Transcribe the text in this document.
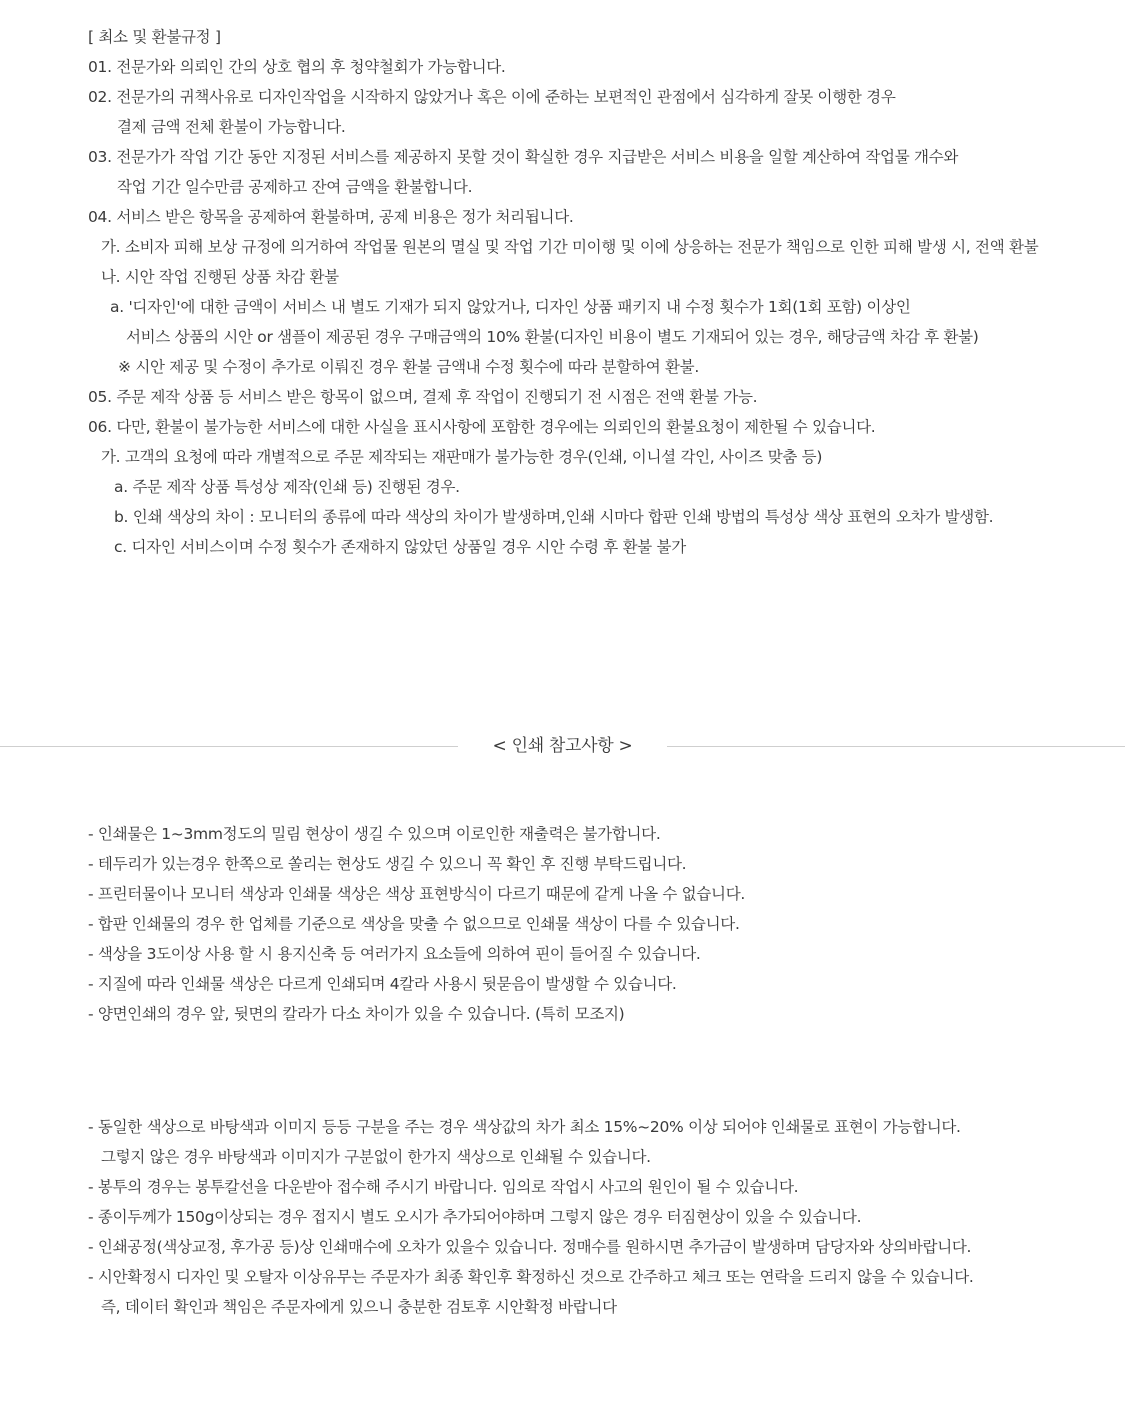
[ 최소 및 환불규정 ]
01. 전문가와 의뢰인 간의 상호 협의 후 청약철회가 가능합니다.
02. 전문가의 귀책사유로 디자인작업을 시작하지 않았거나 혹은 이에 준하는 보편적인 관점에서 심각하게 잘못 이행한 경우
결제 금액 전체 환불이 가능합니다.
03. 전문가가 작업 기간 동안 지정된 서비스를 제공하지 못할 것이 확실한 경우 지급받은 서비스 비용을 일할 계산하여 작업물 개수와
작업 기간 일수만큼 공제하고 잔여 금액을 환불합니다.
04. 서비스 받은 항목을 공제하여 환불하며, 공제 비용은 정가 처리됩니다.
가. 소비자 피해 보상 규정에 의거하여 작업물 원본의 멸실 및 작업 기간 미이행 및 이에 상응하는 전문가 책임으로 인한 피해 발생 시, 전액 환불
나. 시안 작업 진행된 상품 차감 환불
a. '디자인'에 대한 금액이 서비스 내 별도 기재가 되지 않았거나, 디자인 상품 패키지 내 수정 횟수가 1회(1회 포함) 이상인
서비스 상품의 시안 or 샘플이 제공된 경우 구매금액의 10% 환불(디자인 비용이 별도 기재되어 있는 경우, 해당금액 차감 후 환불)
※ 시안 제공 및 수정이 추가로 이뤄진 경우 환불 금액내 수정 횟수에 따라 분할하여 환불.
05. 주문 제작 상품 등 서비스 받은 항목이 없으며, 결제 후 작업이 진행되기 전 시점은 전액 환불 가능.
06. 다만, 환불이 불가능한 서비스에 대한 사실을 표시사항에 포함한 경우에는 의뢰인의 환불요청이 제한될 수 있습니다.
가. 고객의 요청에 따라 개별적으로 주문 제작되는 재판매가 불가능한 경우(인쇄, 이니셜 각인, 사이즈 맞춤 등)
a. 주문 제작 상품 특성상 제작(인쇄 등) 진행된 경우.
b. 인쇄 색상의 차이 : 모니터의 종류에 따라 색상의 차이가 발생하며,인쇄 시마다 합판 인쇄 방법의 특성상 색상 표현의 오차가 발생함.
c. 디자인 서비스이며 수정 횟수가 존재하지 않았던 상품일 경우 시안 수령 후 환불 불가
< 인쇄 참고사항 >
- 인쇄물은 1~3mm정도의 밀림 현상이 생길 수 있으며 이로인한 재출력은 불가합니다.
- 테두리가 있는경우 한쪽으로 쏠리는 현상도 생길 수 있으니 꼭 확인 후 진행 부탁드립니다.
- 프린터물이나 모니터 색상과 인쇄물 색상은 색상 표현방식이 다르기 때문에 같게 나올 수 없습니다.
- 합판 인쇄물의 경우 한 업체를 기준으로 색상을 맞출 수 없으므로 인쇄물 색상이 다를 수 있습니다.
- 색상을 3도이상 사용 할 시 용지신축 등 여러가지 요소들에 의하여 핀이 들어질 수 있습니다.
- 지질에 따라 인쇄물 색상은 다르게 인쇄되며 4칼라 사용시 뒷묻음이 발생할 수 있습니다.
- 양면인쇄의 경우 앞, 뒷면의 칼라가 다소 차이가 있을 수 있습니다. (특히 모조지)
- 동일한 색상으로 바탕색과 이미지 등등 구분을 주는 경우 색상값의 차가 최소 15%~20% 이상 되어야 인쇄물로 표현이 가능합니다.
그렇지 않은 경우 바탕색과 이미지가 구분없이 한가지 색상으로 인쇄될 수 있습니다.
- 봉투의 경우는 봉투칼선을 다운받아 접수해 주시기 바랍니다. 임의로 작업시 사고의 원인이 될 수 있습니다.
- 종이두께가 150g이상되는 경우 접지시 별도 오시가 추가되어야하며 그렇지 않은 경우 터짐현상이 있을 수 있습니다.
- 인쇄공정(색상교정, 후가공 등)상 인쇄매수에 오차가 있을수 있습니다. 정매수를 원하시면 추가금이 발생하며 담당자와 상의바랍니다.
- 시안확정시 디자인 및 오탈자 이상유무는 주문자가 최종 확인후 확정하신 것으로 간주하고 체크 또는 연락을 드리지 않을 수 있습니다.
즉, 데이터 확인과 책임은 주문자에게 있으니 충분한 검토후 시안확정 바랍니다
